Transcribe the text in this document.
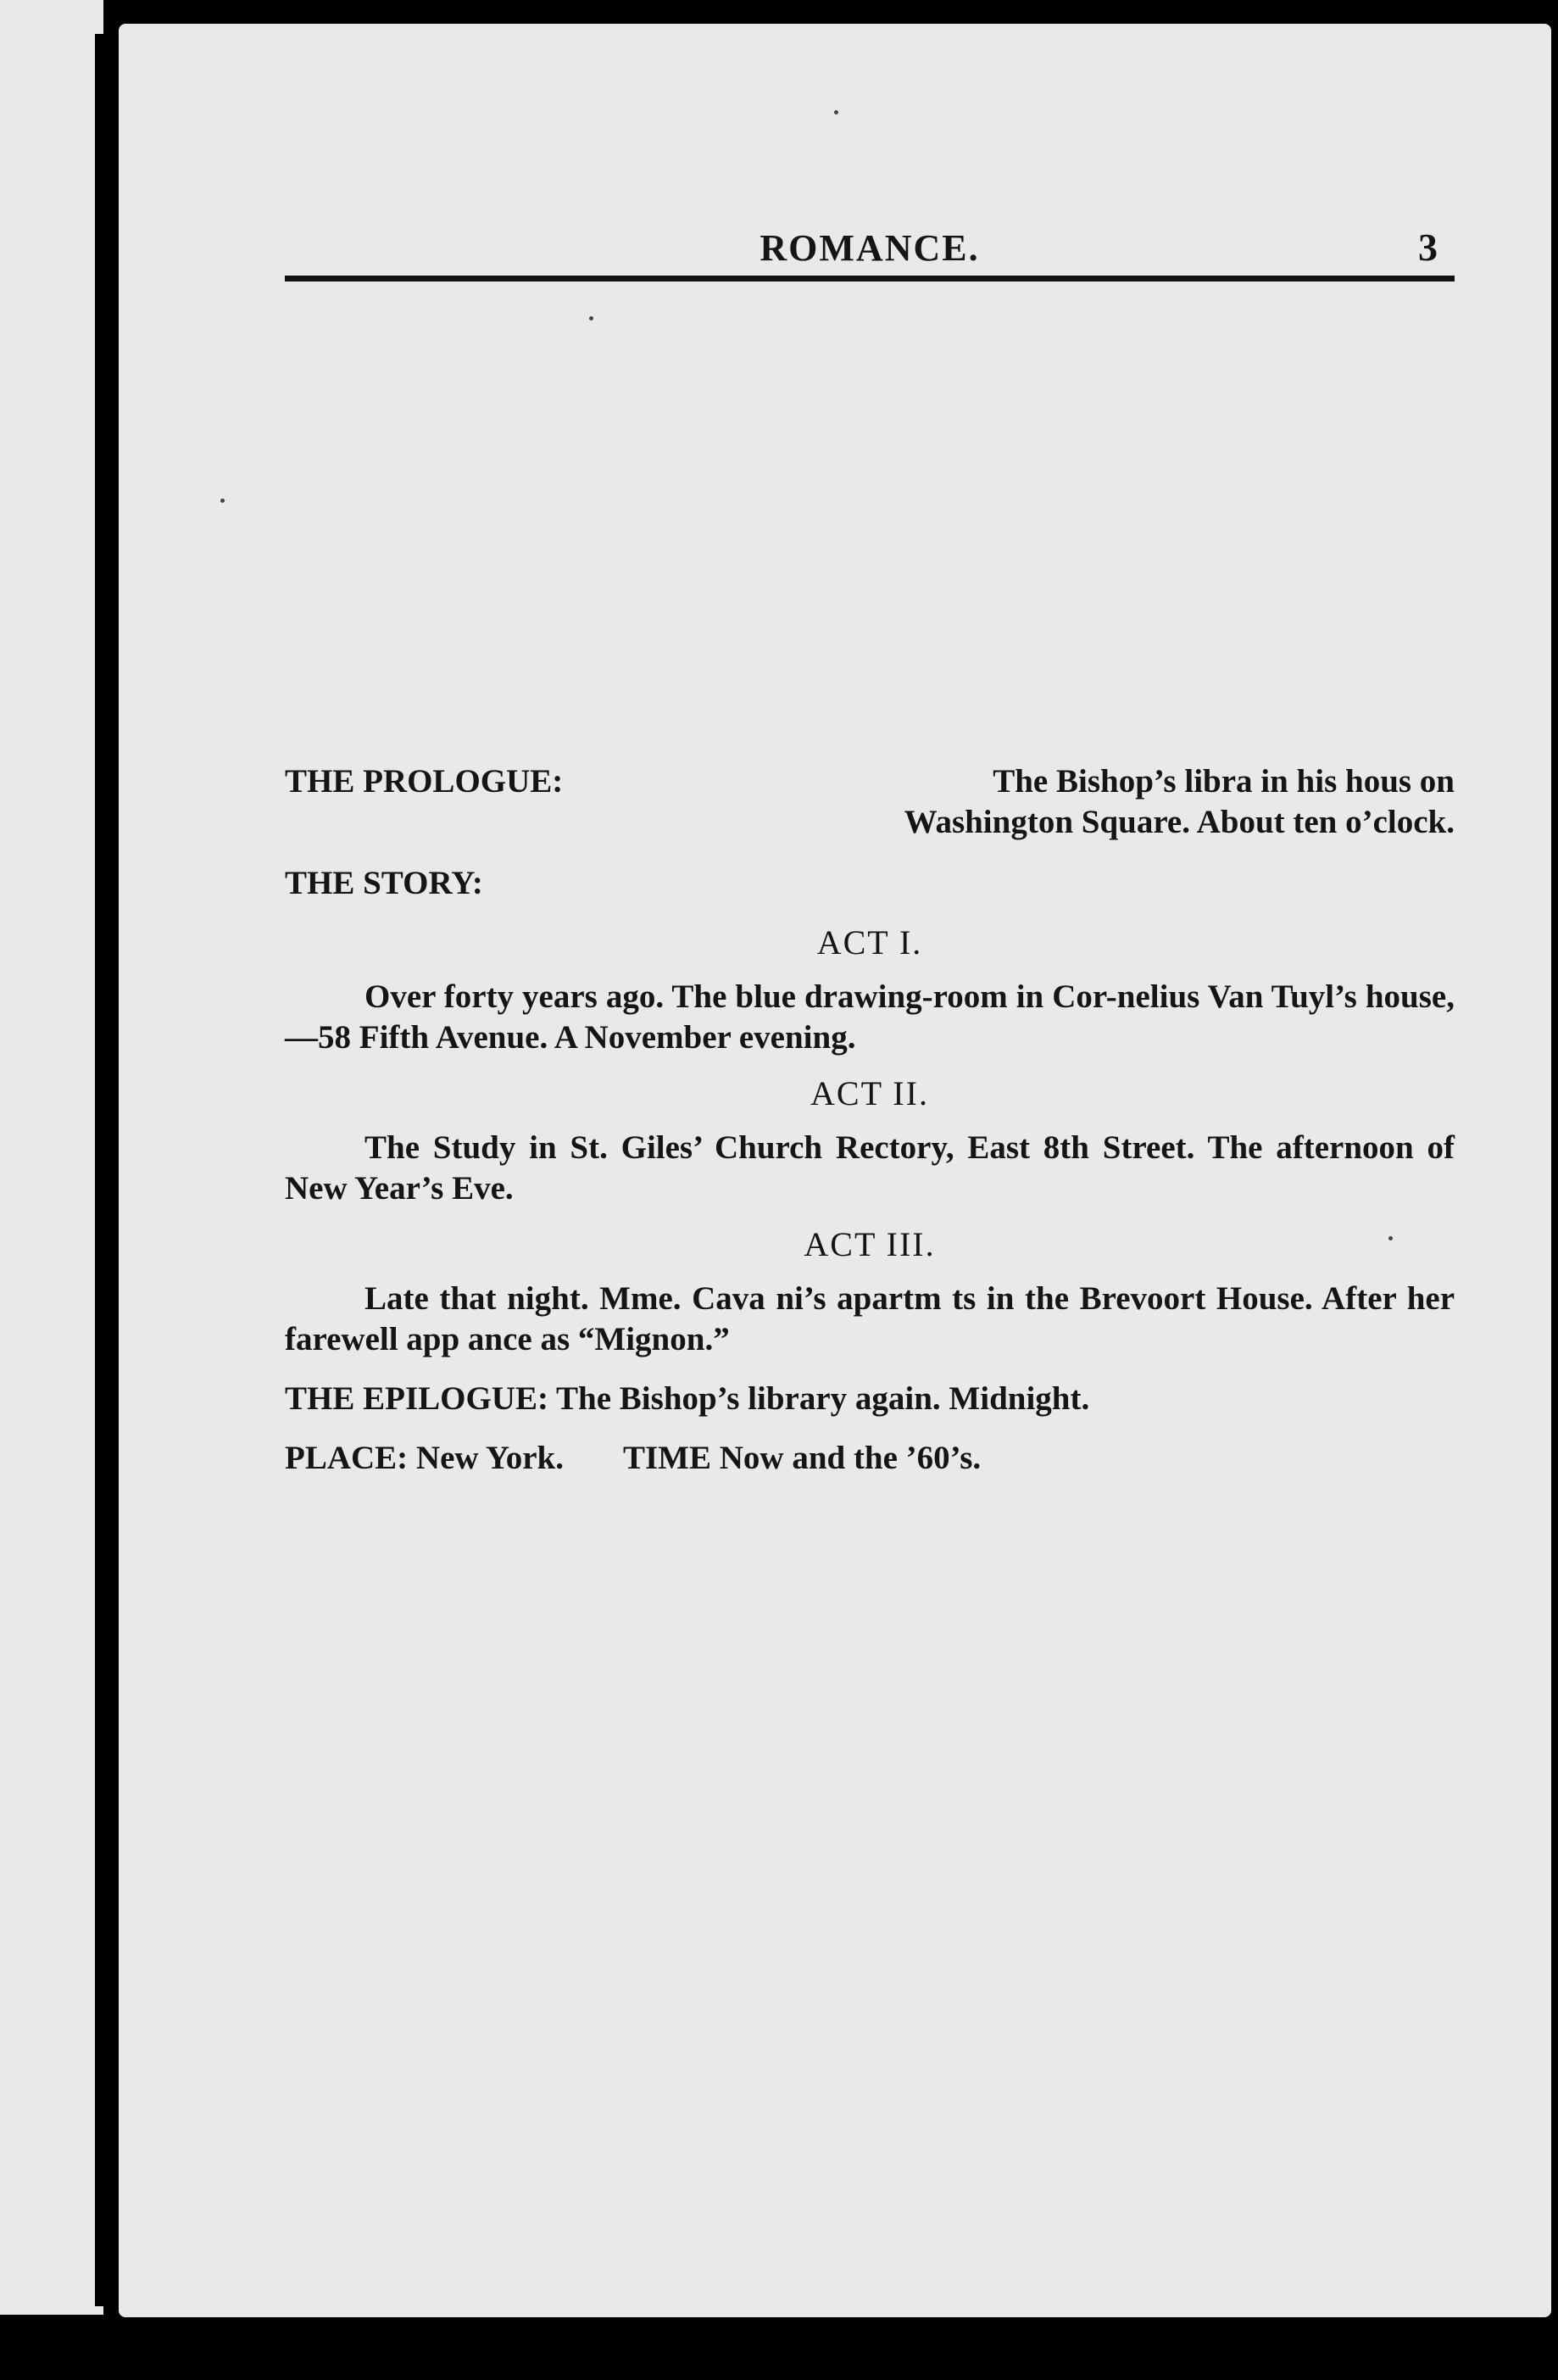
ROMANCE.	3
THE PROLOGUE:	The Bishop’s libra in his hous on
Washington Square. About ten o’clock.
THE STORY:
ACT I.
Over forty years ago. The blue drawing-room in Cor-nelius Van Tuyl’s house,—58 Fifth Avenue. A November evening.
ACT II.
The Study in St. Giles’ Church Rectory, East 8th Street. The afternoon of New Year’s Eve.
ACT III.
Late that night. Mme. Cava ni’s apartm ts in the Brevoort House. After her farewell app ance as “Mignon.”
THE EPILOGUE: The Bishop’s library again. Midnight.
PLACE: New York. TIME Now and the ’60’s.
